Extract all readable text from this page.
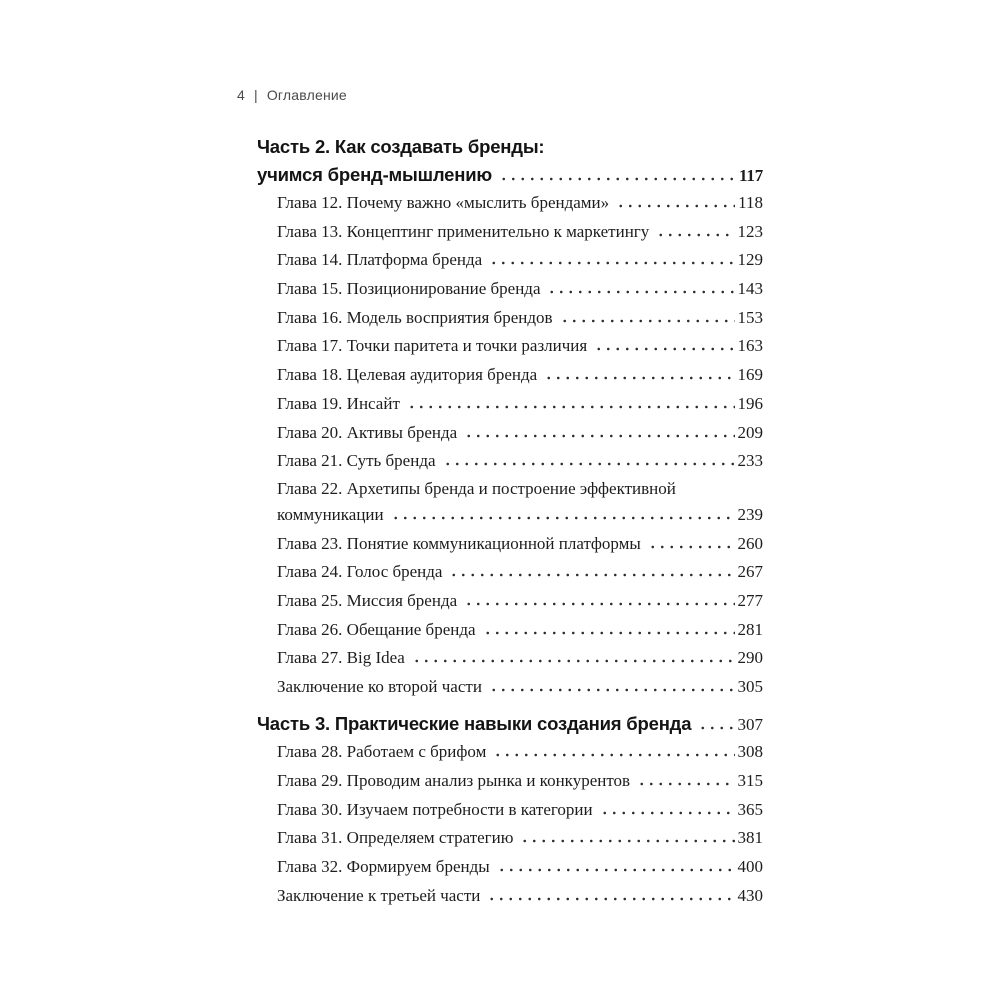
4 | Оглавление
Часть 2. Как создавать бренды:
учимся бренд-мышлению	117
Глава 12. Почему важно «мыслить брендами»	118
Глава 13. Концептинг применительно к маркетингу	123
Глава 14. Платформа бренда	129
Глава 15. Позиционирование бренда	143
Глава 16. Модель восприятия брендов	153
Глава 17. Точки паритета и точки различия	163
Глава 18. Целевая аудитория бренда	169
Глава 19. Инсайт	196
Глава 20. Активы бренда	209
Глава 21. Суть бренда	233
Глава 22. Архетипы бренда и построение эффективной
коммуникации	239
Глава 23. Понятие коммуникационной платформы	260
Глава 24. Голос бренда	267
Глава 25. Миссия бренда	277
Глава 26. Обещание бренда	281
Глава 27. Big Idea	290
Заключение ко второй части	305
Часть 3. Практические навыки создания бренда	307
Глава 28. Работаем с брифом	308
Глава 29. Проводим анализ рынка и конкурентов	315
Глава 30. Изучаем потребности в категории	365
Глава 31. Определяем стратегию	381
Глава 32. Формируем бренды	400
Заключение к третьей части	430
